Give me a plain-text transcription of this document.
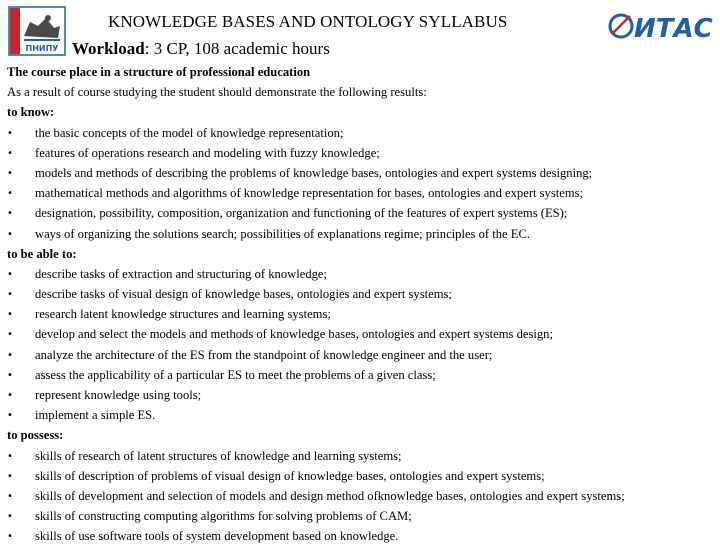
ПНИПУ
KNOWLEDGE BASES AND ONTOLOGY SYLLABUS
Workload: 3 CP, 108 academic hours
ИТАС
The course place in a structure of professional education
As a result of course studying the student should demonstrate the following results:
to know:
• the basic concepts of the model of knowledge representation;
• features of operations research and modeling with fuzzy knowledge;
• models and methods of describing the problems of knowledge bases, ontologies and expert systems designing;
• mathematical methods and algorithms of knowledge representation for bases, ontologies and expert systems;
• designation, possibility, composition, organization and functioning of the features of expert systems (ES);
• ways of organizing the solutions search; possibilities of explanations regime; principles of the EC.
to be able to:
• describe tasks of extraction and structuring of knowledge;
• describe tasks of visual design of knowledge bases, ontologies and expert systems;
• research latent knowledge structures and learning systems;
• develop and select the models and methods of knowledge bases, ontologies and expert systems design;
• analyze the architecture of the ES from the standpoint of knowledge engineer and the user;
• assess the applicability of a particular ES to meet the problems of a given class;
• represent knowledge using tools;
• implement a simple ES.
to possess:
• skills of research of latent structures of knowledge and learning systems;
• skills of description of problems of visual design of knowledge bases, ontologies and expert systems;
• skills of development and selection of models and design method ofknowledge bases, ontologies and expert systems;
• skills of constructing computing algorithms for solving problems of CAM;
• skills of use software tools of system development based on knowledge.
